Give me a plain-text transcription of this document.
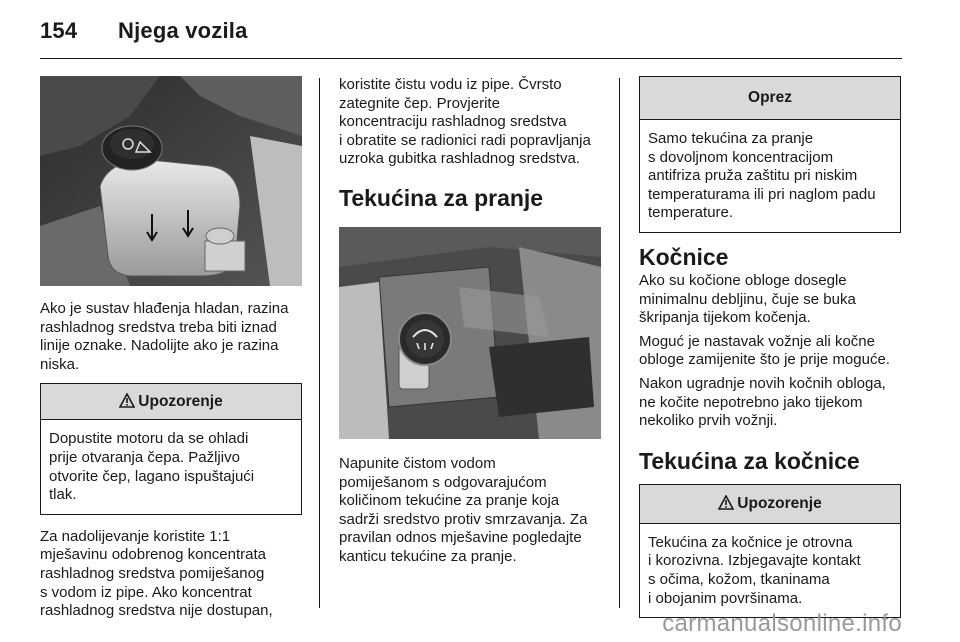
154 Njega vozila
Ako je sustav hlađenja hladan, razina
rashladnog sredstva treba biti iznad
linije oznake. Nadolijte ako je razina
niska.
Upozorenje
Dopustite motoru da se ohladi
prije otvaranja čepa. Pažljivo
otvorite čep, lagano ispuštajući
tlak.
Za nadolijevanje koristite 1:1
mješavinu odobrenog koncentrata
rashladnog sredstva pomiješanog
s vodom iz pipe. Ako koncentrat
rashladnog sredstva nije dostupan,
koristite čistu vodu iz pipe. Čvrsto
zategnite čep. Provjerite
koncentraciju rashladnog sredstva
i obratite se radionici radi popravljanja
uzroka gubitka rashladnog sredstva.
Tekućina za pranje
Napunite čistom vodom
pomiješanom s odgovarajućom
količinom tekućine za pranje koja
sadrži sredstvo protiv smrzavanja. Za
pravilan odnos mješavine pogledajte
kanticu tekućine za pranje.
Oprez
Samo tekućina za pranje
s dovoljnom koncentracijom
antifriza pruža zaštitu pri niskim
temperaturama ili pri naglom padu
temperature.
Kočnice
Ako su kočione obloge dosegle
minimalnu debljinu, čuje se buka
škripanja tijekom kočenja.
Moguć je nastavak vožnje ali kočne
obloge zamijenite što je prije moguće.
Nakon ugradnje novih kočnih obloga,
ne kočite nepotrebno jako tijekom
nekoliko prvih vožnji.
Tekućina za kočnice
Upozorenje
Tekućina za kočnice je otrovna
i korozivna. Izbjegavajte kontakt
s očima, kožom, tkaninama
i obojanim površinama.
carmanualsonline.info
